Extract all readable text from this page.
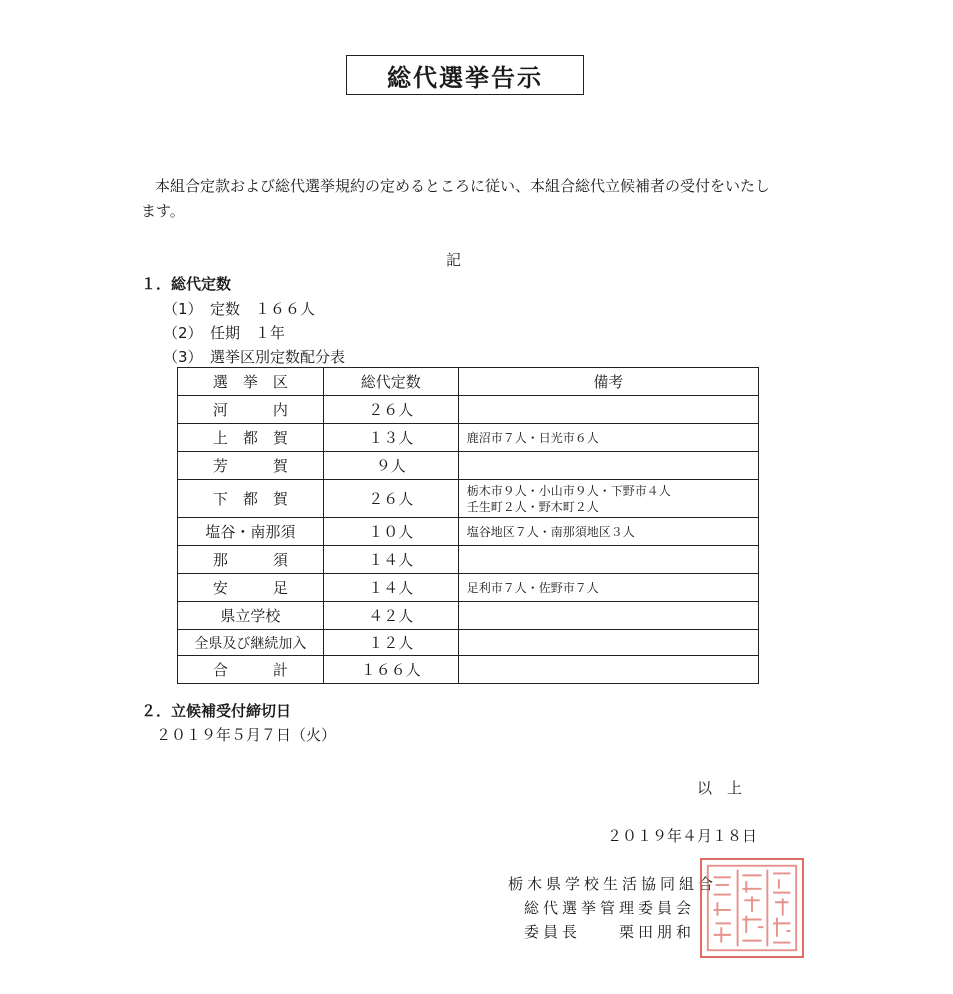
総代選挙告示
本組合定款および総代選挙規約の定めるところに従い、本組合総代立候補者の受付をいたします。
記
１．総代定数
（1）　定数　１６６人
（2）　任期　１年
（3）　選挙区別定数配分表
選　挙　区	総代定数	備考
河　　　内	２６人	
上　都　賀	１３人	鹿沼市７人・日光市６人
芳　　　賀	９人	
下　都　賀	２６人	栃木市９人・小山市９人・下野市４人
壬生町２人・野木町２人
塩谷・南那須	１０人	塩谷地区７人・南那須地区３人
那　　　須	１４人	
安　　　足	１４人	足利市７人・佐野市７人
県立学校	４２人	
全県及び継続加入	１２人	
合　　　計	１６６人	
２．立候補受付締切日
２０１９年５月７日（火）
以　上
２０１９年４月１８日
栃木県学校生活協同組合
総代選挙管理委員会
委員長　　栗田朋和
